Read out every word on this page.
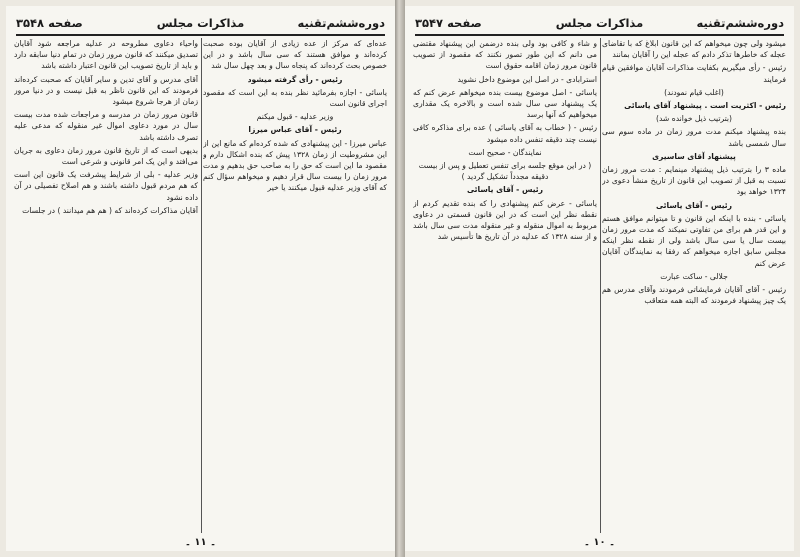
دوره‌ششم‌تقنیه
مذاکرات مجلس
صفحه ۳۵۴۸

عده‌ای که مرکز از عده زیادی از آقایان بوده صحبت کرده‌اند و موافق هستند که سی سال باشد و در این خصوص بحث کرده‌اند که پنجاه سال و بعد چهل سال شد

رئیس - رأی گرفته میشود

یاسائی - اجازه بفرمائید نظر بنده به این است که مقصود اجرای قانون است

وزیر عدلیه - قبول میکنم

رئیس - آقای عباس میرزا

عباس میرزا - این پیشنهادی که شده کرده‌ام که مانع این از این مشروطیت از زمان ۱۳۲۸ پیش که بنده اشکال دارم و مقصود ما این است که حق را به صاحب حق بدهیم و مدت مرور زمان را بیست سال قرار دهیم و میخواهم سؤال کنم که آقای وزیر عدلیه قبول میکنند یا خیر

واحیاء دعاوی مطروحه در عدلیه مراجعه شود آقایان تصدیق میکنند که قانون مرور زمان در تمام دنیا سابقه دارد و باید از تاریخ تصویب این قانون اعتبار داشته باشد

آقای مدرس و آقای تدین و سایر آقایان که صحبت کرده‌اند فرمودند که این قانون ناظر به قبل نیست و در دنیا مرور زمان از هرجا شروع میشود

قانون مرور زمان در مدرسه و مراجعات شده مدت بیست سال در مورد دعاوی اموال غیر منقوله که مدعی علیه تصرف داشته باشد

بدیهی است که از تاریخ قانون مرور زمان دعاوی به جریان می‌افتد و این یک امر قانونی و شرعی است

وزیر عدلیه - بلی از شرایط پیشرفت یک قانون این است که هم مردم قبول داشته باشند و هم اصلاح تفصیلی در آن داده نشود

آقایان مذاکرات کرده‌اند که ( هم هم میدانند ) در جلسات

۔ ۱۱ ۔
دوره‌ششم‌تقنیه
مذاکرات مجلس
صفحه ۳۵۴۷

میشود ولی چون میخواهم که این قانون ابلاغ که با تقاضای عجله که خاطرها تذکر دادم که عجله این را آقایان بمانند

رئیس - رأی میگیریم بکفایت مذاکرات آقایان موافقین قیام فرمایند

(اغلب قیام نمودند)

رئیس - اکثریت است . پیشنهاد آقای یاسائی

(بترتیب ذیل خوانده شد)

بنده پیشنهاد میکنم مدت مرور زمان در ماده سوم سی سال شمسی باشد

پیشنهاد آقای ساسیری

ماده ۳ را بترتیب ذیل پیشنهاد مینمایم : مدت مرور زمان نسبت به قبل از تصویب این قانون از تاریخ منشأ دعوی در ۱۳۲۴ خواهد بود

رئیس - آقای یاسائی

یاسائی - بنده با اینکه این قانون و تا میتوانم موافق هستم و این قدر هم برای من تفاوتی نمیکند که مدت مرور زمان بیست سال یا سی سال باشد ولی از نقطه نظر اینکه مجلس سابق اجازه میخواهم که رفقا به نمایندگان آقایان عرض کنم

جلالی - ساکت عبارت

رئیس - آقای آقایان فرمایشاتی فرمودند وآقای مدرس هم یک چیز پیشنهاد فرمودند که البته همه متعاقب

و شاء و کافی بود ولی بنده درضمن این پیشنهاد مقتضی می دانم که این طور تصور نکنند که مقصود از تصویب قانون مرور زمان اقامه حقوق است

استرابادی - در اصل این موضوع داخل نشوید

یاسائی - اصل موضوع بیست بنده میخواهم عرض کنم که یک پیشنهاد سی سال شده است و بالاخره یک مقداری میخواهیم که آنها برسد

رئیس - ( خطاب به آقای یاسائی ) عده برای مذاکره کافی نیست چند دقیقه تنفس داده میشود

نمایندگان - صحیح است

( در این موقع جلسه برای تنفس تعطیل و پس از بیست دقیقه مجدداً تشکیل گردید )

رئیس - آقای یاسائی

یاسائی - عرض کنم پیشنهادی را که بنده تقدیم کردم از نقطه نظر این است که در این قانون قسمتی در دعاوی مربوط به اموال منقوله و غیر منقوله مدت سی سال باشد و از سنه ۱۳۲۸ که عدلیه در آن تاریخ ها تأسیس شد

۔ ۱۰ ۔
